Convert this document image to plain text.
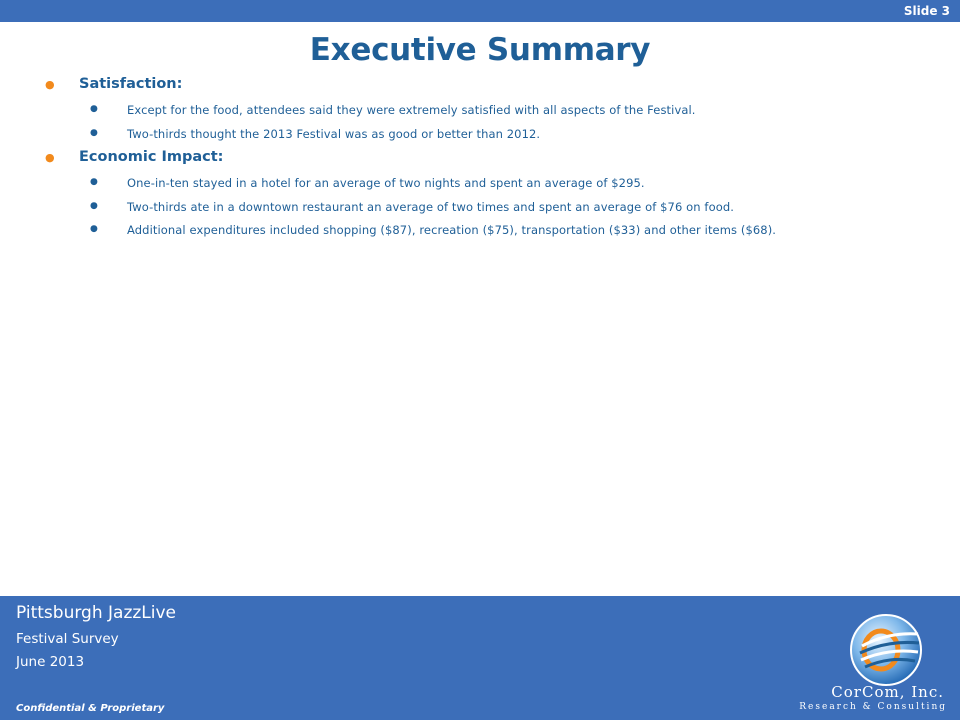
Slide 3
Executive Summary
● Satisfaction:
●	Except for the food, attendees said they were extremely satisfied with all aspects of the Festival.
●	Two-thirds thought the 2013 Festival was as good or better than 2012.
● Economic Impact:
●	One-in-ten stayed in a hotel for an average of two nights and spent an average of $295.
●	Two-thirds ate in a downtown restaurant an average of two times and spent an average of $76 on food.
●	Additional expenditures included shopping ($87), recreation ($75), transportation ($33) and other items ($68).
Pittsburgh JazzLive
Festival Survey
June 2013
Confidential & Proprietary
CorCom, Inc.
Research & Consulting
